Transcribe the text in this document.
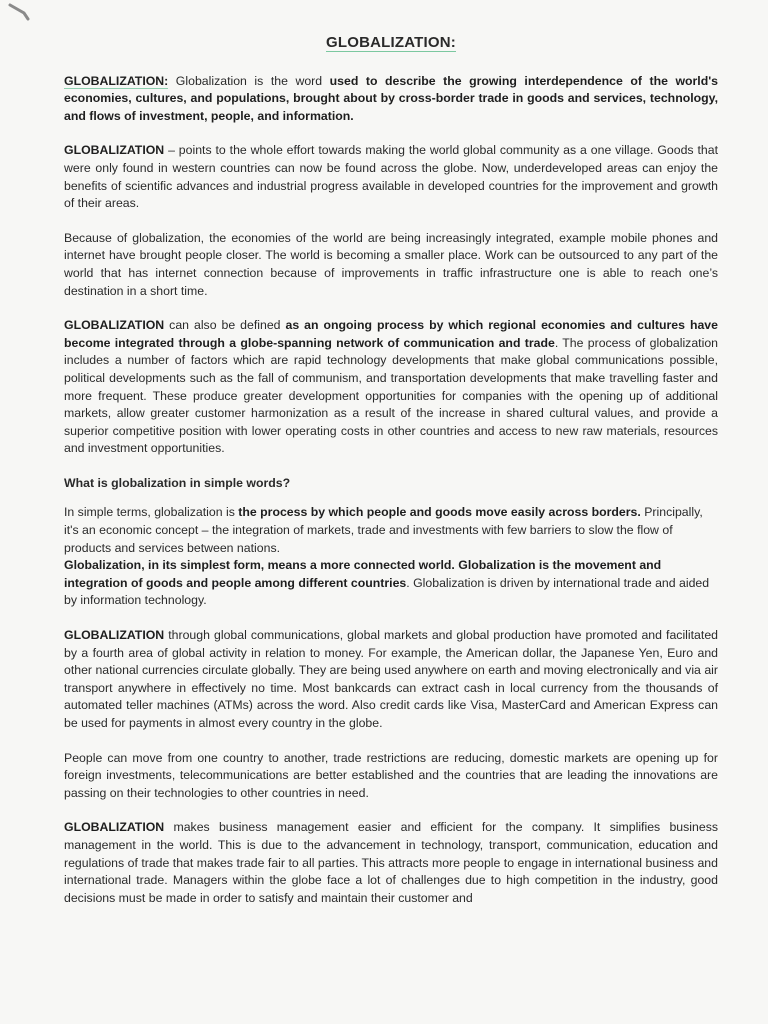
GLOBALIZATION:

GLOBALIZATION: Globalization is the word used to describe the growing interdependence of the world's economies, cultures, and populations, brought about by cross-border trade in goods and services, technology, and flows of investment, people, and information.

GLOBALIZATION – points to the whole effort towards making the world global community as a one village. Goods that were only found in western countries can now be found across the globe. Now, underdeveloped areas can enjoy the benefits of scientific advances and industrial progress available in developed countries for the improvement and growth of their areas.

Because of globalization, the economies of the world are being increasingly integrated, example mobile phones and internet have brought people closer. The world is becoming a smaller place. Work can be outsourced to any part of the world that has internet connection because of improvements in traffic infrastructure one is able to reach one’s destination in a short time.

GLOBALIZATION can also be defined as an ongoing process by which regional economies and cultures have become integrated through a globe-spanning network of communication and trade. The process of globalization includes a number of factors which are rapid technology developments that make global communications possible, political developments such as the fall of communism, and transportation developments that make travelling faster and more frequent. These produce greater development opportunities for companies with the opening up of additional markets, allow greater customer harmonization as a result of the increase in shared cultural values, and provide a superior competitive position with lower operating costs in other countries and access to new raw materials, resources and investment opportunities.

What is globalization in simple words?

In simple terms, globalization is the process by which people and goods move easily across borders. Principally, it's an economic concept – the integration of markets, trade and investments with few barriers to slow the flow of products and services between nations.
Globalization, in its simplest form, means a more connected world. Globalization is the movement and integration of goods and people among different countries. Globalization is driven by international trade and aided by information technology.

GLOBALIZATION through global communications, global markets and global production have promoted and facilitated by a fourth area of global activity in relation to money. For example, the American dollar, the Japanese Yen, Euro and other national currencies circulate globally. They are being used anywhere on earth and moving electronically and via air transport anywhere in effectively no time. Most bankcards can extract cash in local currency from the thousands of automated teller machines (ATMs) across the word. Also credit cards like Visa, MasterCard and American Express can be used for payments in almost every country in the globe.

People can move from one country to another, trade restrictions are reducing, domestic markets are opening up for foreign investments, telecommunications are better established and the countries that are leading the innovations are passing on their technologies to other countries in need.

GLOBALIZATION makes business management easier and efficient for the company. It simplifies business management in the world. This is due to the advancement in technology, transport, communication, education and regulations of trade that makes trade fair to all parties. This attracts more people to engage in international business and international trade. Managers within the globe face a lot of challenges due to high competition in the industry, good decisions must be made in order to satisfy and maintain their customer and
